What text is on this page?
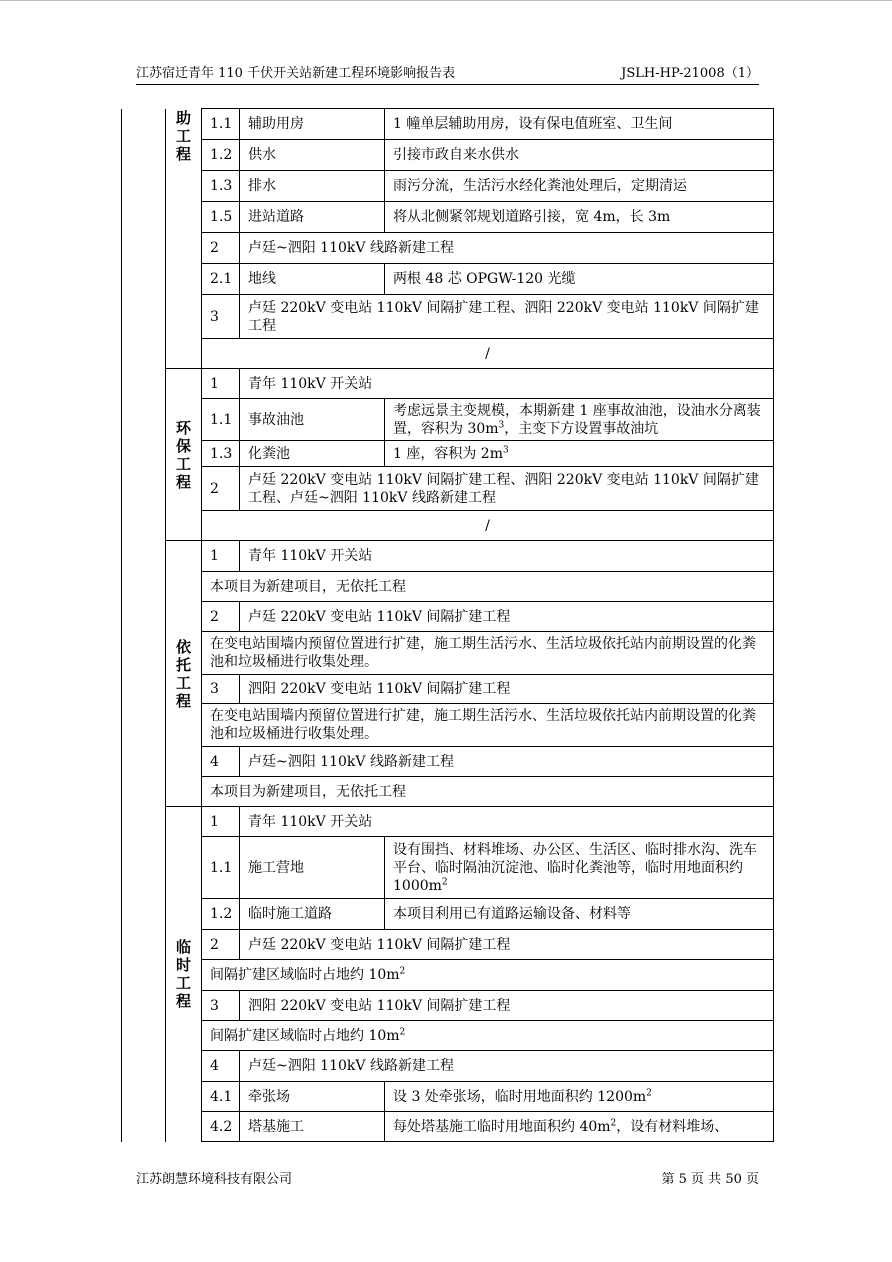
江苏宿迁青年 110 千伏开关站新建工程环境影响报告表	JSLH-HP-21008（1）

	助
工
程	1.1	辅助用房	1 幢单层辅助用房，设有保电值班室、卫生间
		1.2	供水	引接市政自来水供水
		1.3	排水	雨污分流，生活污水经化粪池处理后，定期清运
		1.5	进站道路	将从北侧紧邻规划道路引接，宽 4m，长 3m
		2	卢廷~泗阳 110kV 线路新建工程	
		2.1	地线	两根 48 芯 OPGW-120 光缆
		3	卢廷 220kV 变电站 110kV 间隔扩建工程、泗阳 220kV 变电站 110kV 间隔扩建工程	
		/		

	环
保
工
程	1	青年 110kV 开关站	
		1.1	事故油池	考虑远景主变规模，本期新建 1 座事故油池，设油水分离装置，容积为 $30m^3$，主变下方设置事故油坑
		1.3	化粪池	1 座，容积为 $2m^3$
		2	卢廷 220kV 变电站 110kV 间隔扩建工程、泗阳 220kV 变电站 110kV 间隔扩建工程、卢廷~泗阳 110kV 线路新建工程	
		/		

	依
托
工
程	1	青年 110kV 开关站	
		本项目为新建项目，无依托工程		
		2	卢廷 220kV 变电站 110kV 间隔扩建工程	
		在变电站围墙内预留位置进行扩建，施工期生活污水、生活垃圾依托站内前期设置的化粪池和垃圾桶进行收集处理。		
		3	泗阳 220kV 变电站 110kV 间隔扩建工程	
		在变电站围墙内预留位置进行扩建，施工期生活污水、生活垃圾依托站内前期设置的化粪池和垃圾桶进行收集处理。		
		4	卢廷~泗阳 110kV 线路新建工程	
		本项目为新建项目，无依托工程		

	临
时
工
程	1	青年 110kV 开关站	
		1.1	施工营地	设有围挡、材料堆场、办公区、生活区、临时排水沟、洗车平台、临时隔油沉淀池、临时化粪池等，临时用地面积约 $1000m^2$
		1.2	临时施工道路	本项目利用已有道路运输设备、材料等
		2	卢廷 220kV 变电站 110kV 间隔扩建工程	
		间隔扩建区域临时占地约 $10m^2$
		3	泗阳 220kV 变电站 110kV 间隔扩建工程	
		间隔扩建区域临时占地约 $10m^2$
		4	卢廷~泗阳 110kV 线路新建工程	
		4.1	牵张场	设 3 处牵张场，临时用地面积约 $1200m^2$
		4.2	塔基施工	每处塔基施工临时用地面积约 $40m^2$，设有材料堆场、
江苏朗慧环境科技有限公司	第 5 页 共 50 页
